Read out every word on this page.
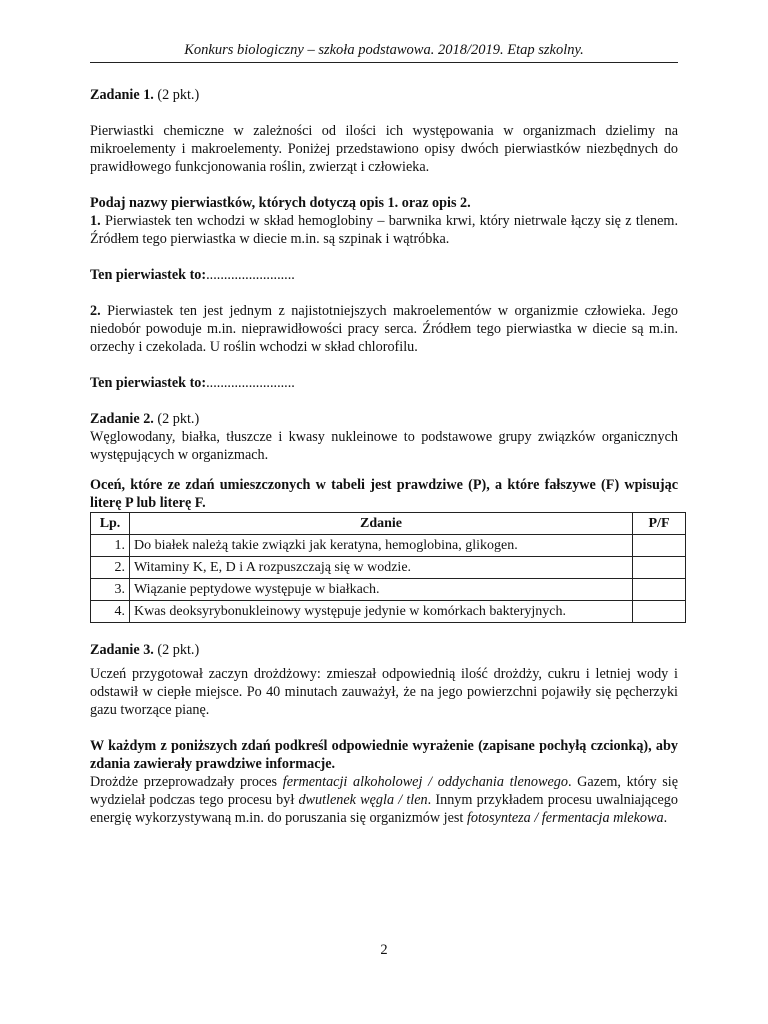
Konkurs biologiczny – szkoła podstawowa. 2018/2019. Etap szkolny.

Zadanie 1. (2 pkt.)

Pierwiastki chemiczne w zależności od ilości ich występowania w organizmach dzielimy na mikroelementy i makroelementy. Poniżej przedstawiono opisy dwóch pierwiastków niezbędnych do prawidłowego funkcjonowania roślin, zwierząt i człowieka.

Podaj nazwy pierwiastków, których dotyczą opis 1. oraz opis 2.

1. Pierwiastek ten wchodzi w skład hemoglobiny – barwnika krwi, który nietrwale łączy się z tlenem. Źródłem tego pierwiastka w diecie m.in. są szpinak i wątróbka.

Ten pierwiastek to:.........................

2. Pierwiastek ten jest jednym z najistotniejszych makroelementów w organizmie człowieka. Jego niedobór powoduje m.in. nieprawidłowości pracy serca. Źródłem tego pierwiastka w diecie są m.in. orzechy i czekolada. U roślin wchodzi w skład chlorofilu.

Ten pierwiastek to:.........................

Zadanie 2. (2 pkt.)

Węglowodany, białka, tłuszcze i kwasy nukleinowe to podstawowe grupy związków organicznych występujących w organizmach.

Oceń, które ze zdań umieszczonych w tabeli jest prawdziwe (P), a które fałszywe (F) wpisując literę P lub literę F.

Lp.	Zdanie	P/F
1.	Do białek należą takie związki jak keratyna, hemoglobina, glikogen.	
2.	Witaminy K, E, D i A rozpuszczają się w wodzie.	
3.	Wiązanie peptydowe występuje w białkach.	
4.	Kwas deoksyrybonukleinowy występuje jedynie w komórkach bakteryjnych.	

Zadanie 3. (2 pkt.)

Uczeń przygotował zaczyn drożdżowy: zmieszał odpowiednią ilość drożdży, cukru i letniej wody i odstawił w ciepłe miejsce. Po 40 minutach zauważył, że na jego powierzchni pojawiły się pęcherzyki gazu tworzące pianę.

W każdym z poniższych zdań podkreśl odpowiednie wyrażenie (zapisane pochyłą czcionką), aby zdania zawierały prawdziwe informacje.

Drożdże przeprowadzały proces fermentacji alkoholowej / oddychania tlenowego. Gazem, który się wydzielał podczas tego procesu był dwutlenek węgla / tlen. Innym przykładem procesu uwalniającego energię wykorzystywaną m.in. do poruszania się organizmów jest fotosynteza / fermentacja mlekowa.

2
